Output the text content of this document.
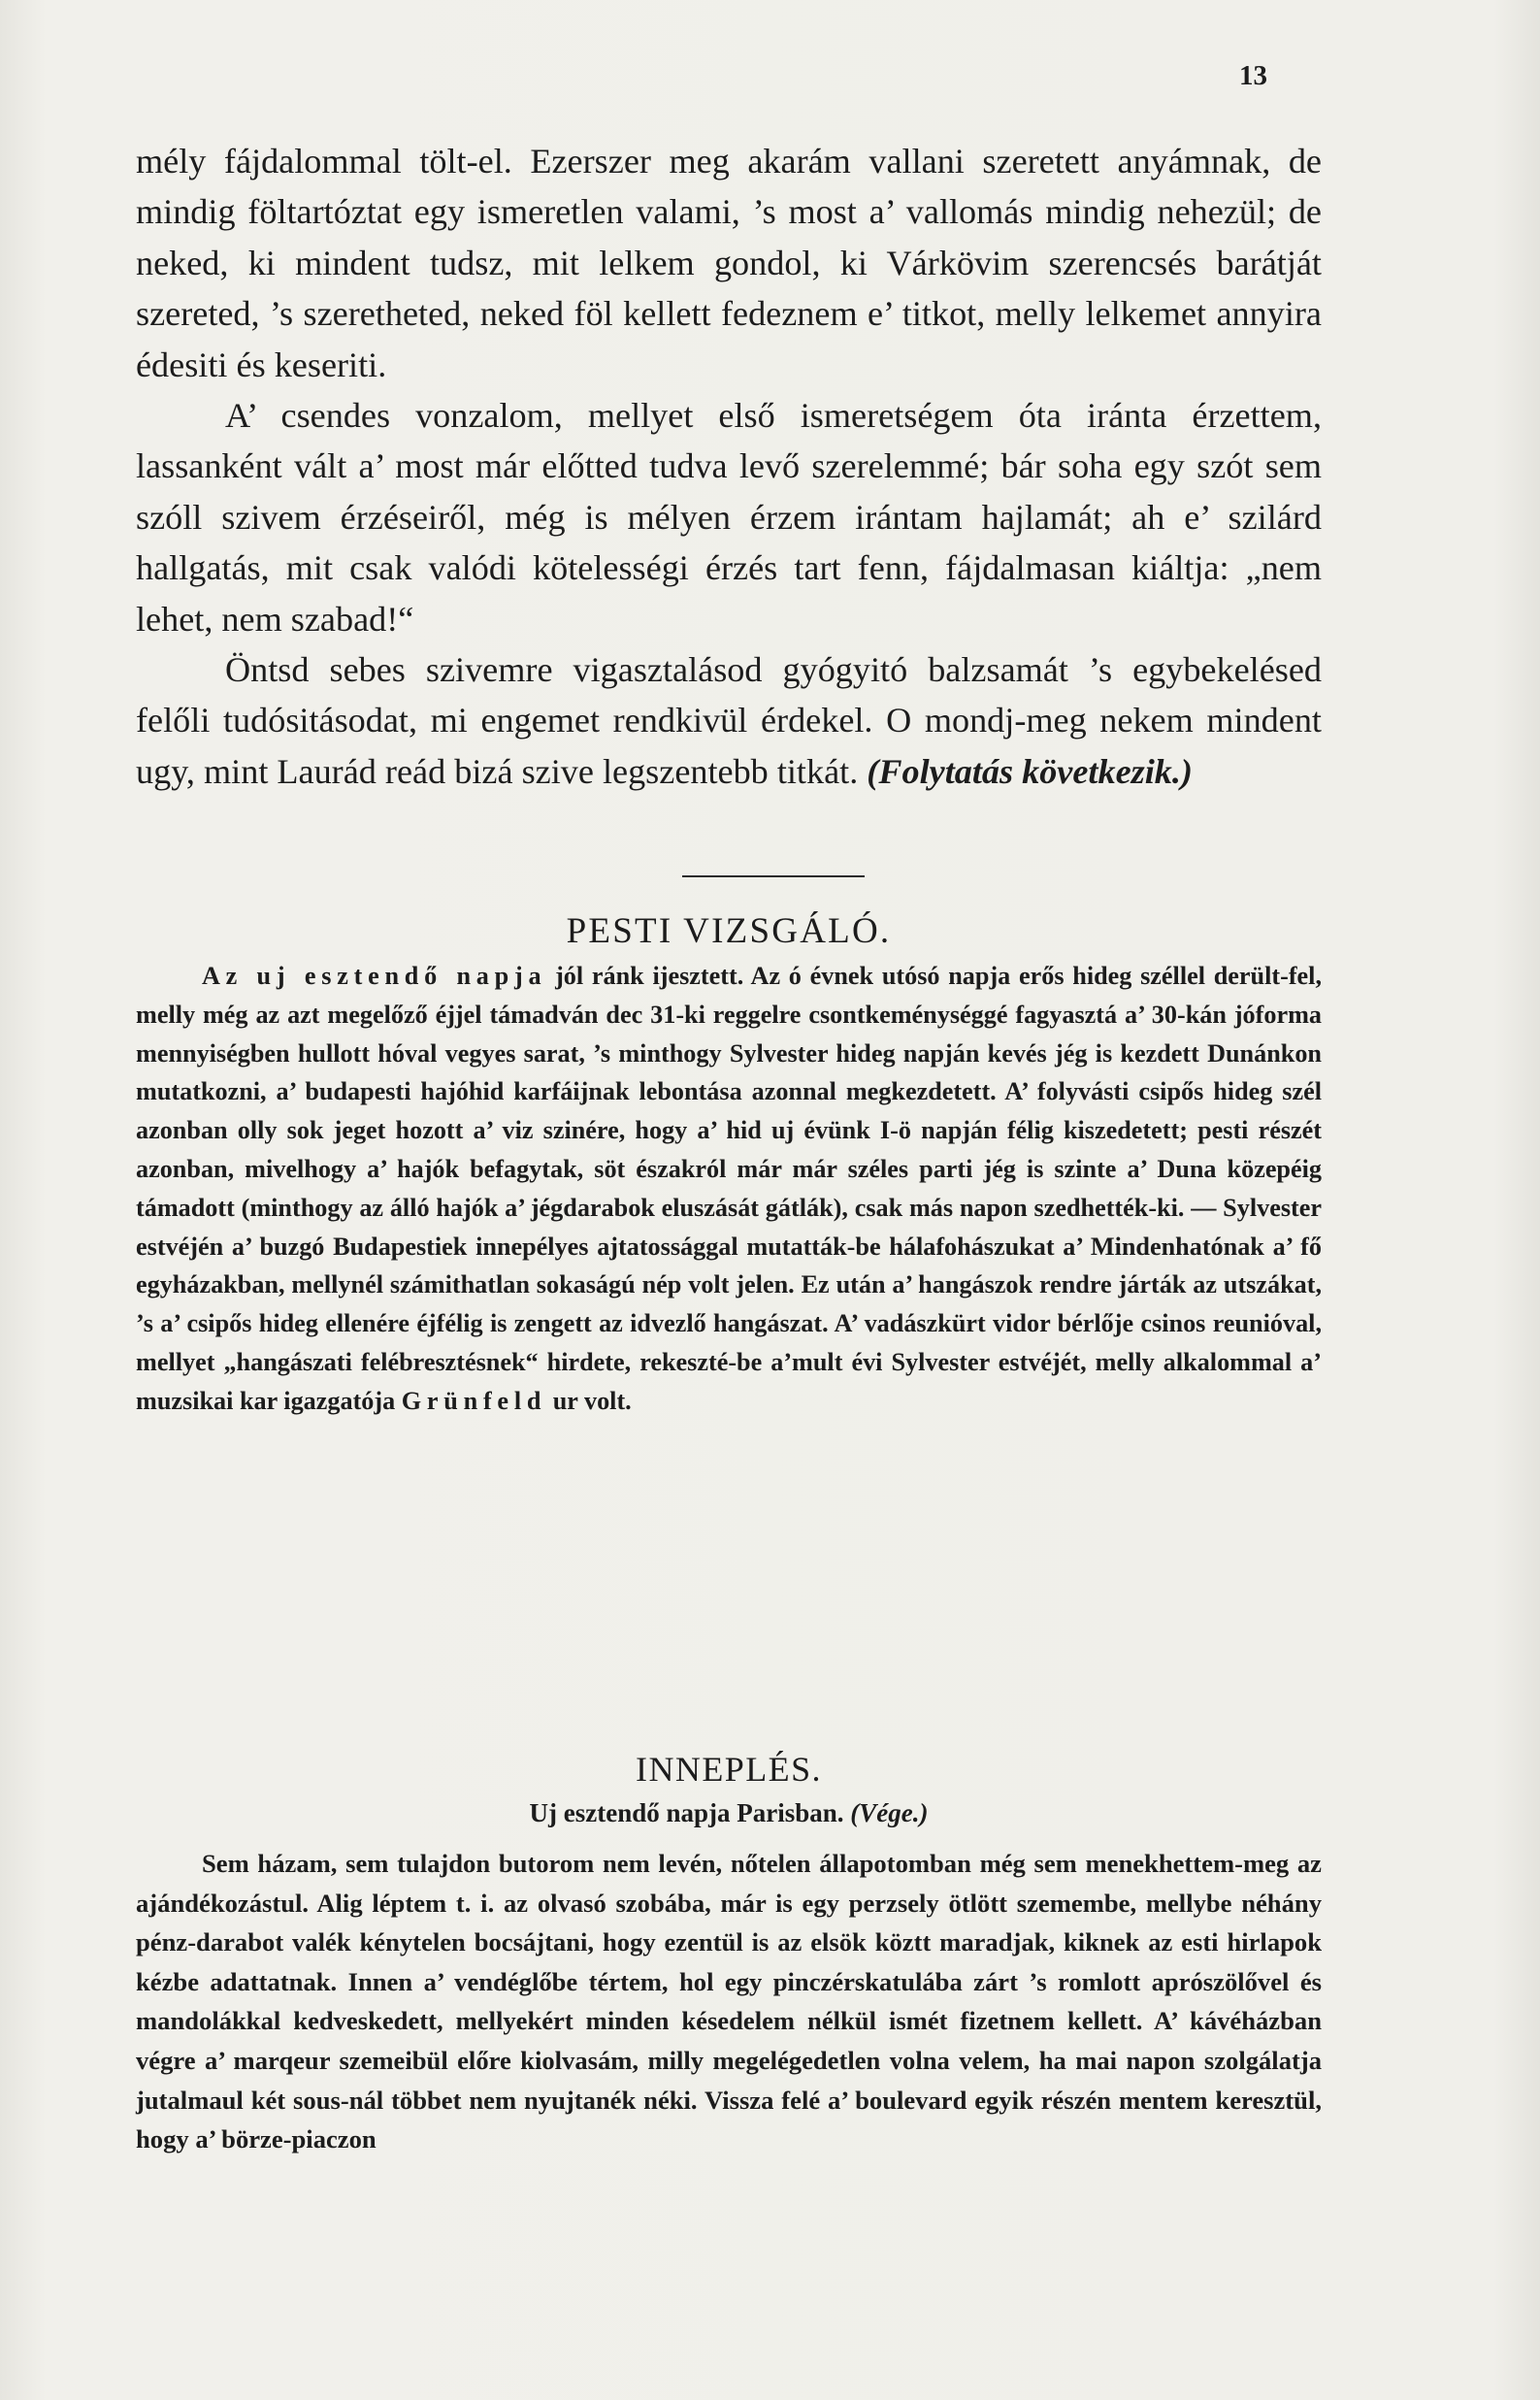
13

mély fájdalommal tölt-el. Ezerszer meg akarám vallani szeretett anyámnak, de mindig föltartóztat egy ismeretlen valami, ’s most a’ vallomás mindig nehezül; de neked, ki mindent tudsz, mit lelkem gondol, ki Várkövim szerencsés barátját szereted, ’s szeretheted, neked föl kellett fedeznem e’ titkot, melly lelkemet annyira édesiti és keseriti.

A’ csendes vonzalom, mellyet első ismeretségem óta iránta érzettem, lassanként vált a’ most már előtted tudva levő szerelemmé; bár soha egy szót sem szóll szivem érzéseiről, még is mélyen érzem irántam hajlamát; ah e’ szilárd hallgatás, mit csak valódi kötelességi érzés tart fenn, fájdalmasan kiáltja: „nem lehet, nem szabad!“

Öntsd sebes szivemre vigasztalásod gyógyitó balzsamát ’s egybekelésed felőli tudósitásodat, mi engemet rendkivül érdekel. O mondj-meg nekem mindent ugy, mint Laurád reád bizá szive legszentebb titkát. (Folytatás következik.)

PESTI VIZSGÁLÓ.

Az uj esztendő napja jól ránk ijesztett. Az ó évnek utósó napja erős hideg széllel derült-fel, melly még az azt megelőző éjjel támadván dec 31-ki reggelre csontkeménységgé fagyasztá a’ 30-kán jóforma mennyiségben hullott hóval vegyes sarat, ’s minthogy Sylvester hideg napján kevés jég is kezdett Dunánkon mutatkozni, a’ budapesti hajóhid karfáijnak lebontása azonnal megkezdetett. A’ folyvásti csipős hideg szél azonban olly sok jeget hozott a’ viz szinére, hogy a’ hid uj évünk I-ö napján félig kiszedetett; pesti részét azonban, mivelhogy a’ hajók befagytak, söt északról már már széles parti jég is szinte a’ Duna közepéig támadott (minthogy az álló hajók a’ jégdarabok eluszását gátlák), csak más napon szedhették-ki. — Sylvester estvéjén a’ buzgó Budapestiek innepélyes ajtatossággal mutatták-be hálafohászukat a’ Mindenhatónak a’ fő egyházakban, mellynél számithatlan sokaságú nép volt jelen. Ez után a’ hangászok rendre járták az utszákat, ’s a’ csipős hideg ellenére éjfélig is zengett az idvezlő hangászat. A’ vadászkürt vidor bérlője csinos reunióval, mellyet „hangászati felébresztésnek“ hirdete, rekeszté-be a’mult évi Sylvester estvéjét, melly alkalommal a’ muzsikai kar igazgatója Grünfeld ur volt.

INNEPLÉS.

Uj esztendő napja Parisban. (Vége.)

Sem házam, sem tulajdon butorom nem levén, nőtelen állapotomban még sem menekhettem-meg az ajándékozástul. Alig léptem t. i. az olvasó szobába, már is egy perzsely ötlött szemembe, mellybe néhány pénz-darabot valék kénytelen bocsájtani, hogy ezentül is az elsök köztt maradjak, kiknek az esti hirlapok kézbe adattatnak. Innen a’ vendéglőbe tértem, hol egy pinczérskatulába zárt ’s romlott aprószölővel és mandolákkal kedveskedett, mellyekért minden késedelem nélkül ismét fizetnem kellett. A’ kávéházban végre a’ marqeur szemeibül előre kiolvasám, milly megelégedetlen volna velem, ha mai napon szolgálatja jutalmaul két sous-nál többet nem nyujtanék néki. Vissza felé a’ boulevard egyik részén mentem keresztül, hogy a’ börze-piaczon
